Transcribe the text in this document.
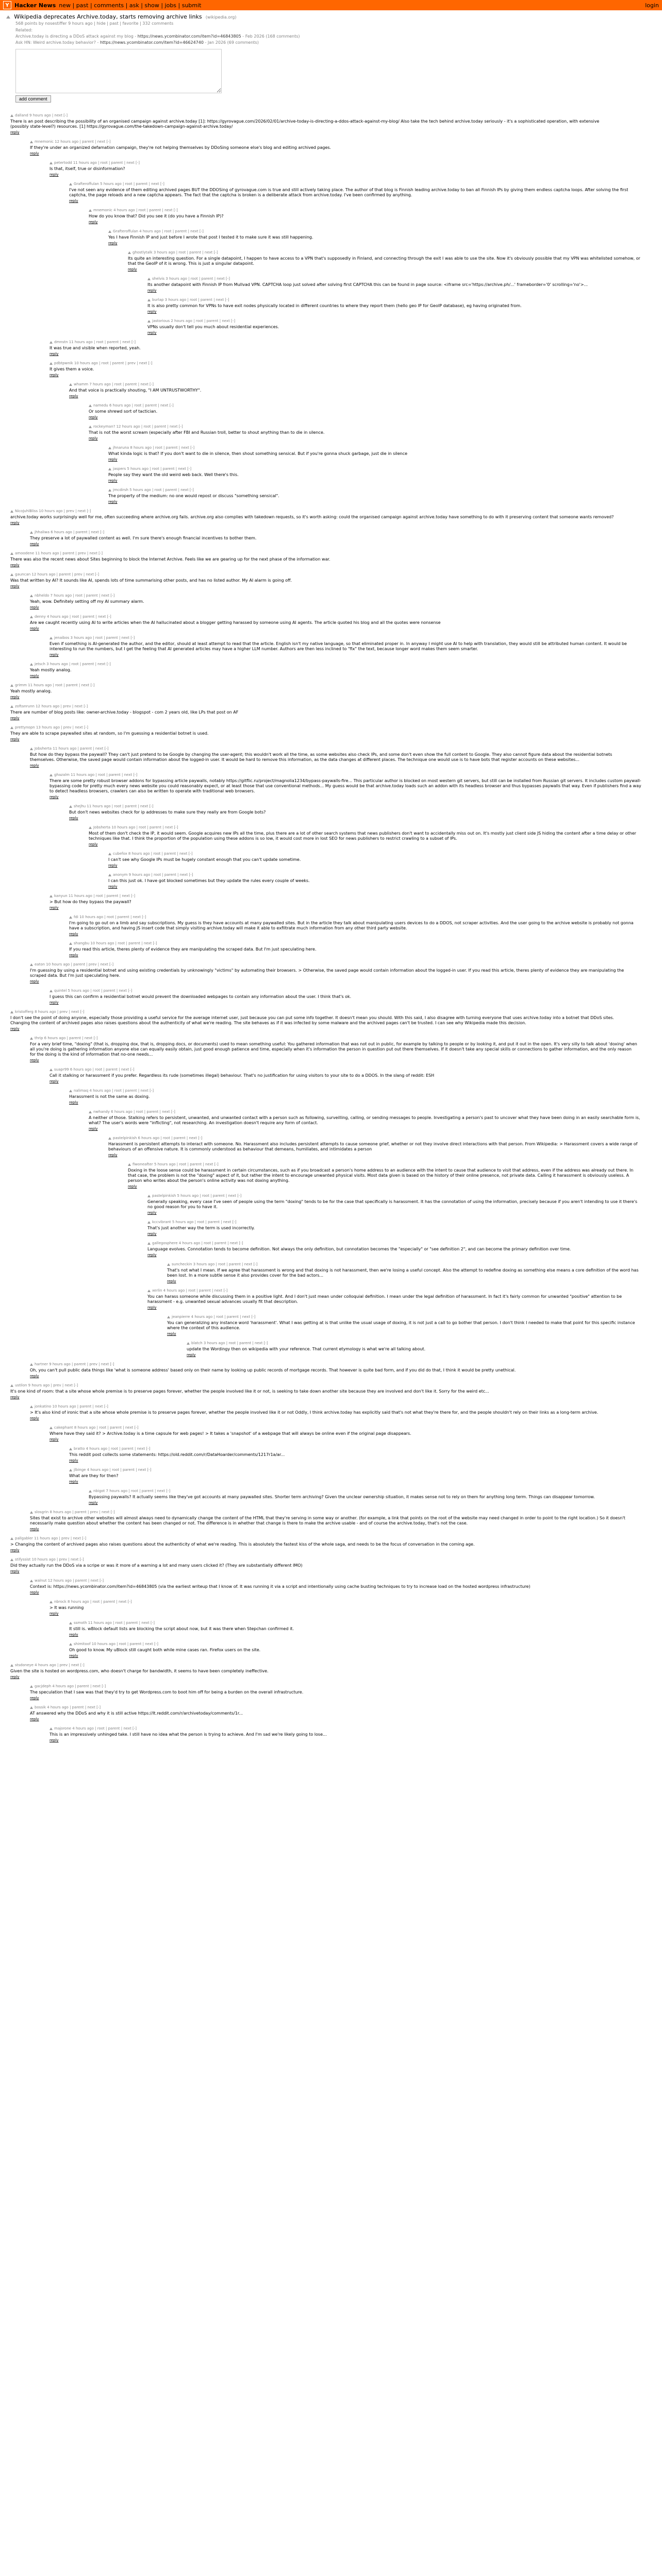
Y Hacker News new | past | comments | ask | show | jobs | submit	login
Wikipedia deprecates Archive.today, starts removing archive links (wikipedia.org)
568 points by nosestiffer 9 hours ago | hide | past | favorite | 332 comments
Related:
Archive.today is directing a DDoS attack against my blog - https://news.ycombinator.com/item?id=46843805 - Feb 2026 (168 comments)
Ask HN: Weird archive.today behavior? - https://news.ycombinator.com/item?id=46624740 - Jan 2026 (69 comments)
add comment
dalland 9 hours ago | next [-]
There is an post describing the possibility of an organised campaign against archive.today [1]: https://gyrovague.com/2026/02/01/archive-today-is-directing-a-ddos-attack-against-my-blog/ Also take the tech behind archive.today seriously - it's a sophisticated operation, with extensive (possibly state-level?) resources. [1] https://gyrovague.com/the-takedown-campaign-against-archive.today/
reply
mnemonic 12 hours ago | parent | next [-]
If they're under an organized defamation campaign, they're not helping themselves by DDoSing someone else's blog and editing archived pages.
reply
petertodd 11 hours ago | root | parent | next [-]
Is that, itself, true or disinformation?
reply
Grafteroffulan 5 hours ago | root | parent | next [-]
I've not seen any evidence of them editing archived pages BUT the DDOSing of gyrovague.com is true and still actively taking place. The author of that blog is Finnish leading archive.today to ban all Finnish IPs by giving them endless captcha loops. After solving the first captcha, the page reloads and a new captcha appears. The fact that the captcha is broken is a deliberate attack from archive.today. I've been confirmed by anything.
reply
mnemonic 4 hours ago | root | parent | next [-]
How do you know that? Did you see it (do you have a Finnish IP)?
reply
Grafteroffulan 4 hours ago | root | parent | next [-]
Yes I have Finnish IP and just before I wrote that post I tested it to make sure it was still happening.
reply
ghostlytalk 3 hours ago | root | parent | next [-]
Its quite an interesting question. For a single datapoint, I happen to have access to a VPN that's supposedly in Finland, and connecting through the exit I was able to use the site. Now it's obviously possible that my VPN was whitelisted somehow, or that the GeoIP of it is wrong. This is just a singular datapoint.
reply
shelvis 3 hours ago | root | parent | next [-]
Its another datapoint with Finnish IP from Mullvad VPN. CAPTCHA loop just solved after solving first CAPTCHA this can be found in page source: <iframe src='https://archive.ph/...' frameborder='0' scrolling='no'>...
reply
burlap 3 hours ago | root | parent | next [-]
It is also pretty common for VPNs to have exit nodes physically located in different countries to where they report them (hello geo IP for GeoIP database), eg having originated from.
reply
jastorious 2 hours ago | root | parent | next [-]
VPNs usually don't tell you much about residential experiences.
reply
dmnstn 11 hours ago | root | parent | next [-]
It was true and visible when reported, yeah.
reply
pdbtpwnik 10 hours ago | root | parent | prev | next [-]
It gives them a voice.
reply
whamm 7 hours ago | root | parent | next [-]
And that voice is practically shouting, "I AM UNTRUSTWORTHY".
reply
namedu 6 hours ago | root | parent | next [-]
Or some shrewd sort of tactician.
reply
rockeyman? 12 hours ago | root | parent | next [-]
That is not the worst scream (especially after FBI and Russian troll, better to shout anything than to die in silence.
reply
jhnaruna 8 hours ago | root | parent | next [-]
What kinda logic is that? If you don't want to die in silence, then shout something sensical. But if you're gonna shuck garbage, just die in silence
reply
jaspers 5 hours ago | root | parent | next [-]
People say they want the old weird web back. Well there's this.
reply
jmcdirsh 5 hours ago | root | parent | next [-]
The property of the medium: no one would repost or discuss "something sensical".
reply
NicoJuhlBliss 10 hours ago | prev | next [-]
archive.today works surprisingly well for me, often succeeding where archive.org fails. archive.org also complies with takedown requests, so it's worth asking: could the organised campaign against archive.today have something to do with it preserving content that someone wants removed?
reply
jhhaliwa 6 hours ago | parent | next [-]
They preserve a lot of paywalled content as well. I'm sure there's enough financial incentives to bother them.
reply
amoodene 11 hours ago | parent | prev | next [-]
There was also the recent news about Sites beginning to block the Internet Archive. Feels like we are gearing up for the next phase of the information war.
reply
gauncan 12 hours ago | parent | prev | next [-]
Was that written by AI? It sounds like AI, spends lots of time summarising other posts, and has no listed author. My AI alarm is going off.
reply
nbheldo 7 hours ago | root | parent | next [-]
Yeah, wow. Definitely setting off my AI summary alarm.
reply
denny 4 hours ago | root | parent | next [-]
Are we caught recently using AI to write articles when the AI hallucinated about a blogger getting harassed by someone using AI agents. The article quoted his blog and all the quotes were nonsense
reply
jenaibos 3 hours ago | root | parent | next [-]
Even if something is AI-generated the author, and the editor, should at least attempt to read that the article. English isn't my native language, so that eliminated proper in. In anyway I might use AI to help with translation, they would still be attributed human content. It would be interesting to run the numbers, but I get the feeling that AI generated articles may have a higher LLM number. Authors are then less inclined to "fix" the text, because longer word makes them seem smarter.
reply
jetsch 3 hours ago | root | parent | next [-]
Yeah mostly analog.
reply
grimm 11 hours ago | root | parent | next [-]
Yeah mostly analog.
reply
zoftanrunn 12 hours ago | prev | next [-]
There are number of blog posts like: owner-archive.today - blogspot - com 2 years old, like LPs that post on AF
reply
prettynopn 13 hours ago | prev | next [-]
They are able to scrape paywalled sites at random, so I'm guessing a residential botnet is used.
reply
Jobsherta 11 hours ago | parent | next [-]
But how do they bypass the paywall? They can't just pretend to be Google by changing the user-agent; this wouldn't work all the time, as some websites also check IPs, and some don't even show the full content to Google. They also cannot figure data about the residential botnets themselves. Otherwise, the saved page would contain information about the logged-in user. It would be hard to remove this information, as the data changes at different places. The technique one would use is to have bots that register accounts on these websites...
reply
ghazalm 11 hours ago | root | parent | next [-]
There are some pretty robust browser addons for bypassing article paywalls, notably https://gitflic.ru/project/magnolia1234/bypass-paywalls-fire... This particular author is blocked on most western git servers, but still can be installed from Russian git servers. It includes custom paywall-bypassing code for pretty much every news website you could reasonably expect, or at least those that use conventional methods... My guess would be that archive.today loads such an addon with its headless browser and thus bypasses paywalls that way. Even if publishers find a way to detect headless browsers, crawlers can also be written to operate with traditional web browsers.
reply
shejhu 11 hours ago | root | parent | next [-]
But don't news websites check for ip addresses to make sure they really are from Google bots?
reply
Jobsherta 10 hours ago | root | parent | next [-]
Most of them don't check the IP, it would seem. Google acquires new IPs all the time, plus there are a lot of other search systems that news publishers don't want to accidentally miss out on. It's mostly just client side JS hiding the content after a time delay or other techniques like that. I think the proportion of the population using these addons is so low, it would cost more in lost SEO for news publishers to restrict crawling to a subset of IPs.
reply
cubefox 8 hours ago | root | parent | next [-]
I can't see why Google IPs must be hugely constant enough that you can't update sometime.
reply
anonym 9 hours ago | root | parent | next [-]
I can this just ok. I have got blocked sometimes but they update the rules every couple of weeks.
reply
kanyun 11 hours ago | root | parent | next [-]
> But how do they bypass the paywall?
reply
fdi 10 hours ago | root | parent | next [-]
I'm going to go out on a limb and say subscriptions. My guess is they have accounts at many paywalled sites. But in the article they talk about manipulating users devices to do a DDOS, not scraper activities. And the user going to the archive website is probably not gonna have a subscription, and having JS insert code that simply visiting archive.today will make it able to exfiltrate much information from any other third party website.
reply
shangbu 10 hours ago | root | parent | next [-]
If you read this article, theres plenty of evidence they are manipulating the scraped data. But I'm just speculating here.
reply
eaton 10 hours ago | parent | prev | next [-]
I'm guessing by using a residential botnet and using existing credentials by unknowingly "victims" by automating their browsers. > Otherwise, the saved page would contain information about the logged-in user. If you read this article, theres plenty of evidence they are manipulating the scraped data. But I'm just speculating here.
reply
quintel 5 hours ago | root | parent | next [-]
I guess this can confirm a residential botnet would prevent the downloaded webpages to contain any information about the user. I think that's ok.
reply
kristofferg 8 hours ago | prev | next [-]
I don't see the point of doing anyone, especially those providing a useful service for the average internet user, just because you can put some info together. It doesn't mean you should. With this said, I also disagree with turning everyone that uses archive.today into a botnet that DDoS sites. Changing the content of archived pages also raises questions about the authenticity of what we're reading. The site behaves as if it was infected by some malware and the archived pages can't be trusted. I can see why Wikipedia made this decision.
reply
thrip 6 hours ago | parent | next [-]
For a very brief time, "doxing" (that is, dropping dox, that is, dropping docs, or documents) used to mean something useful: You gathered information that was not out in public, for example by talking to people or by looking it, and put it out in the open. It's very silly to talk about 'doxing' when all you're doing is gathering information anyone else can equally easily obtain, just good enough patience and time, especially when it's information the person in question put out there themselves. If it doesn't take any special skills or connections to gather information, and the only reason for the doing is the kind of information that no-one needs...
reply
suapr99 6 hours ago | root | parent | next [-]
Call it stalking or harassment if you prefer. Regardless its rude (sometimes illegal) behaviour. That's no justification for using visitors to your site to do a DDOS. In the slang of reddit: ESH
reply
nalimaq 4 hours ago | root | parent | next [-]
Harassment is not the same as doxing.
reply
nwhandy 6 hours ago | root | parent | next [-]
A neither of those. Stalking refers to persistent, unwanted, and unwanted contact with a person such as following, surveilling, calling, or sending messages to people. Investigating a person's past to uncover what they have been doing in an easily searchable form is, what? The user's words were "inflicting", not researching. An investigation doesn't require any form of contact.
reply
pastelpinkish 6 hours ago | root | parent | next [-]
Harassment is persistent attempts to interact with someone. No. Harassment also includes persistent attempts to cause someone grief, whether or not they involve direct interactions with that person. From Wikipedia: > Harassment covers a wide range of behaviours of an offensive nature. It is commonly understood as behaviour that demeans, humiliates, and intimidates a person
reply
fiwoneafter 5 hours ago | root | parent | next [-]
Doxing in the loose sense could be harassment in certain circumstances, such as if you broadcast a person's home address to an audience with the intent to cause that audience to visit that address, even if the address was already out there. In that case, the problem is not the "doxing" aspect of it, but rather the intent to encourage unwanted physical visits. Most data given is based on the history of their online presence, not private data. Calling it harassment is obviously useless. A person who writes about the person's online activity was not doxing anything.
reply
pastelpinkish 5 hours ago | root | parent | next [-]
Generally speaking, every case I've seen of people using the term "doxing" tends to be for the case that specifically is harassment. It has the connotation of using the information, precisely because if you aren't intending to use it there's no good reason for you to have it.
reply
kccvibrant 5 hours ago | root | parent | next [-]
That's just another way the term is used incorrectly.
reply
gallegosphere 4 hours ago | root | parent | next [-]
Language evolves. Connotation tends to become definition. Not always the only definition, but connotation becomes the "especially" or "see definition 2", and can become the primary definition over time.
reply
suncheckin 3 hours ago | root | parent | next [-]
That's not what I mean. If we agree that harassment is wrong and that doxing is not harassment, then we're losing a useful concept. Also the attempt to redefine doxing as something else means a core definition of the word has been lost. In a more subtle sense it also provides cover for the bad actors...
reply
xerlin 4 hours ago | root | parent | next [-]
You can harass someone while discussing them in a positive light. And I don't just mean under colloquial definition. I mean under the legal definition of harassment. In fact it's fairly common for unwanted "positive" attention to be harassment - e.g. unwanted sexual advances usually fit that description.
reply
jeanpierre 4 hours ago | root | parent | next [-]
You can generalizing any instance word 'harassment'. What I was getting at is that unlike the usual usage of doxing, it is not just a call to go bother that person. I don't think I needed to make that point for this specific instance where the context of this audience.
reply
blatch 3 hours ago | root | parent | next [-]
update the Wordingy then on wikipedia with your reference. That current etymology is what we're all talking about.
reply
hartner 9 hours ago | parent | prev | next [-]
Oh, you can't pull public data things like 'what is someone address' based only on their name by looking up public records of mortgage records. That however is quite bad form, and if you did do that, I think it would be pretty unethical.
reply
ustilon 9 hours ago | prev | next [-]
It's one kind of room: that a site whose whole premise is to preserve pages forever, whether the people involved like it or not, is seeking to take down another site because they are involved and don't like it. Sorry for the weird etc...
reply
jonkatino 10 hours ago | parent | next [-]
> It's also kind of ironic that a site whose whole premise is to preserve pages forever, whether the people involved like it or not Oddly, I think archive.today has explicitly said that's not what they're there for, and the people shouldn't rely on their links as a long-term archive.
reply
cakephant 8 hours ago | root | parent | next [-]
Where have they said it? > Archive.today is a time capsule for web pages! > It takes a 'snapshot' of a webpage that will always be online even if the original page disappears.
reply
bratto 4 hours ago | root | parent | next [-]
This reddit post collects some statements: https://old.reddit.com/r/DataHoarder/comments/1217r1a/ar...
reply
jlbinge 4 hours ago | root | parent | next [-]
What are they for then?
reply
nbigot 7 hours ago | root | parent | next [-]
Bypassing paywalls? It actually seems like they've got accounts at many paywalled sites. Shorter term archiving? Given the unclear ownership situation, it makes sense not to rely on them for anything long term. Things can disappear tomorrow.
reply
slosgrin 8 hours ago | parent | prev | next [-]
Sites that exist to archive other websites will almost always need to dynamically change the content of the HTML that they're serving in some way or another. (for example, a link that points on the root of the website may need changed in order to point to the right location.) So it doesn't necessarily make question about whether the content has been changed or not. The difference is in whether that change is there to make the archive usable - and of course the archive.today, that's not the case.
reply
pallgabler 11 hours ago | prev | next [-]
> Changing the content of archived pages also raises questions about the authenticity of what we're reading. This is absolutely the fastest kiss of the whole saga, and needs to be the focus of conversation in the coming age.
reply
stifyssist 10 hours ago | prev | next [-]
Did they actually run the DDoS via a scripe or was it more of a warning a lot and many users clicked it? (They are substantially different IMO)
reply
walnut 12 hours ago | parent | next [-]
Context is: https://news.ycombinator.com/item?id=46843805 (via the earliest writeup that I know of. It was running it via a script and intentionally using cache busting techniques to try to increase load on the hosted wordpress infrastructure)
reply
nbrock 8 hours ago | root | parent | next [-]
> It was running
reply
ssmoth 11 hours ago | root | parent | next [-]
It still is. wBlock default lists are blocking the script about now, but it was there when Stepchan confirmed it.
reply
shimitoof 10 hours ago | root | parent | next [-]
Oh good to know. My uBlock still caught both while mine cases ran. Firefox users on the site.
reply
stsdoneye 4 hours ago | prev | next [-]
Given the site is hosted on wordpress.com, who doesn't charge for bandwidth, it seems to have been completely ineffective.
reply
gacjdeph 4 hours ago | parent | next [-]
The speculation that I saw was that they'd try to get Wordpress.com to boot him off for being a burden on the overall infrastructure.
reply
bossik 4 hours ago | parent | next [-]
AT answered why the DDoS and why it is still active https://lt.reddit.com/r/archivetoday/comments/1r...
reply
majorone 4 hours ago | root | parent | next [-]
This is an impressively unhinged take. I still have no idea what the person is trying to achieve. And I'm sad we're likely going to lose...
reply
